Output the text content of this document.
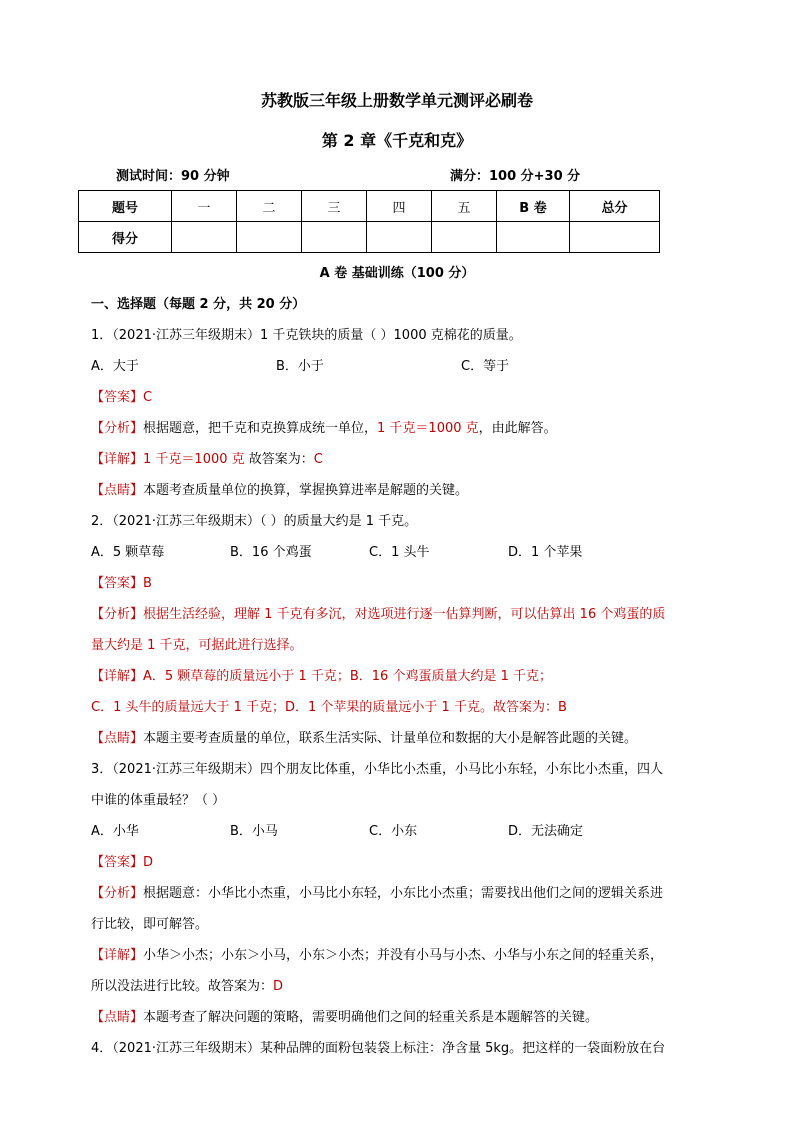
苏教版三年级上册数学单元测评必刷卷
第 2 章《千克和克》
测试时间：90 分钟	满分：100 分+30 分
题号	一	二	三	四	五	B 卷	总分
得分							
A 卷 基础训练（100 分）
一、选择题（每题 2 分，共 20 分）
1．（2021·江苏三年级期末）1 千克铁块的质量（ ）1000 克棉花的质量。
A．大于	B．小于	C．等于
【答案】C
【分析】根据题意，把千克和克换算成统一单位，1 千克＝1000 克，由此解答。
【详解】1 千克＝1000 克 故答案为：C
【点睛】本题考查质量单位的换算，掌握换算进率是解题的关键。
2．（2021·江苏三年级期末）（ ）的质量大约是 1 千克。
A．5 颗草莓	B．16 个鸡蛋	C．1 头牛	D．1 个苹果
【答案】B
【分析】根据生活经验，理解 1 千克有多沉，对选项进行逐一估算判断，可以估算出 16 个鸡蛋的质
量大约是 1 千克，可据此进行选择。
【详解】A．5 颗草莓的质量远小于 1 千克；B．16 个鸡蛋质量大约是 1 千克；
C．1 头牛的质量远大于 1 千克；D．1 个苹果的质量远小于 1 千克。故答案为：B
【点睛】本题主要考查质量的单位，联系生活实际、计量单位和数据的大小是解答此题的关键。
3．（2021·江苏三年级期末）四个朋友比体重，小华比小杰重，小马比小东轻，小东比小杰重，四人
中谁的体重最轻？（ ）
A．小华	B．小马	C．小东	D．无法确定
【答案】D
【分析】根据题意：小华比小杰重，小马比小东轻，小东比小杰重；需要找出他们之间的逻辑关系进
行比较，即可解答。
【详解】小华＞小杰；小东＞小马，小东＞小杰；并没有小马与小杰、小华与小东之间的轻重关系，
所以没法进行比较。故答案为：D
【点睛】本题考查了解决问题的策略，需要明确他们之间的轻重关系是本题解答的关键。
4．（2021·江苏三年级期末）某种品牌的面粉包装袋上标注：净含量 5kg。把这样的一袋面粉放在台
